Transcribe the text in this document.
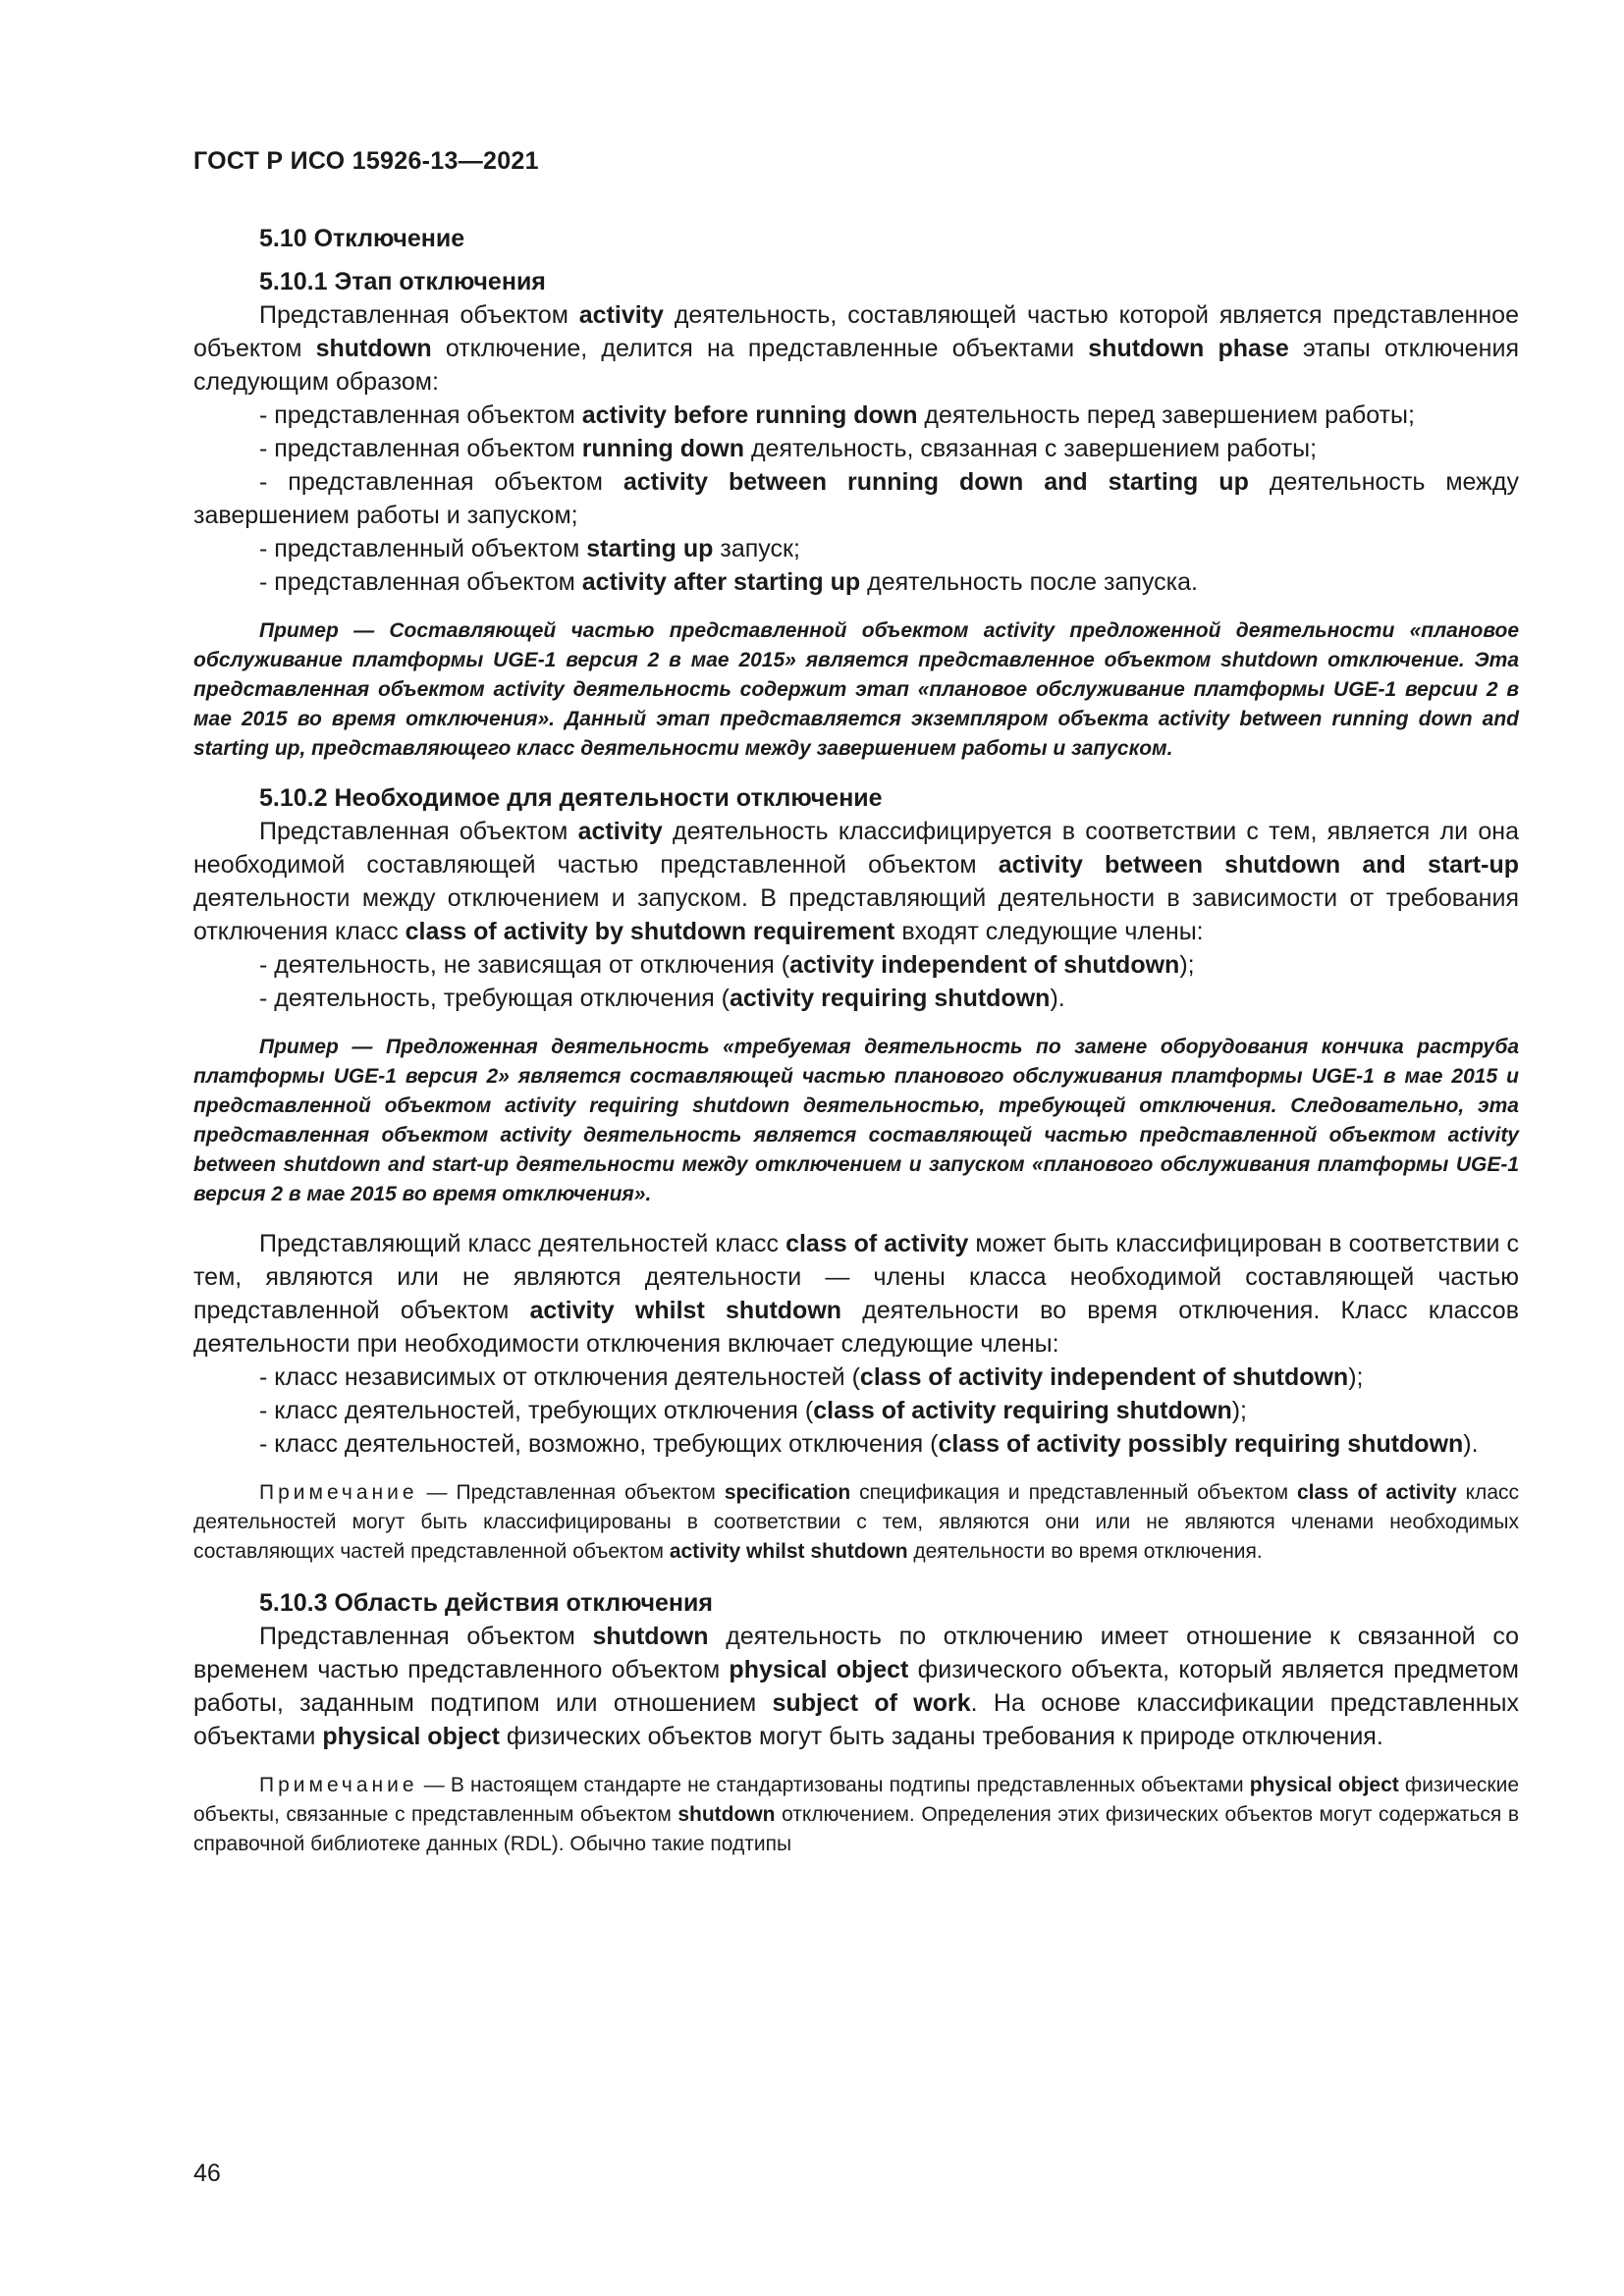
ГОСТ Р ИСО 15926-13—2021
5.10 Отключение
5.10.1 Этап отключения

Представленная объектом activity деятельность, составляющей частью которой является представленное объектом shutdown отключение, делится на представленные объектами shutdown phase этапы отключения следующим образом:

- представленная объектом activity before running down деятельность перед завершением работы;

- представленная объектом running down деятельность, связанная с завершением работы;

- представленная объектом activity between running down and starting up деятельность между завершением работы и запуском;

- представленный объектом starting up запуск;

- представленная объектом activity after starting up деятельность после запуска.

Пример — Составляющей частью представленной объектом activity предложенной деятельности «плановое обслуживание платформы UGE-1 версия 2 в мае 2015» является представленное объектом shutdown отключение. Эта представленная объектом activity деятельность содержит этап «плановое обслуживание платформы UGE-1 версии 2 в мае 2015 во время отключения». Данный этап представляется экземпляром объекта activity between running down and starting up, представляющего класс деятельности между завершением работы и запуском.

5.10.2 Необходимое для деятельности отключение

Представленная объектом activity деятельность классифицируется в соответствии с тем, является ли она необходимой составляющей частью представленной объектом activity between shutdown and start-up деятельности между отключением и запуском. В представляющий деятельности в зависимости от требования отключения класс class of activity by shutdown requirement входят следующие члены:

- деятельность, не зависящая от отключения (activity independent of shutdown);

- деятельность, требующая отключения (activity requiring shutdown).

Пример — Предложенная деятельность «требуемая деятельность по замене оборудования кончика раструба платформы UGE-1 версия 2» является составляющей частью планового обслуживания платформы UGE-1 в мае 2015 и представленной объектом activity requiring shutdown деятельностью, требующей отключения. Следовательно, эта представленная объектом activity деятельность является составляющей частью представленной объектом activity between shutdown and start-up деятельности между отключением и запуском «планового обслуживания платформы UGE-1 версия 2 в мае 2015 во время отключения».

Представляющий класс деятельностей класс class of activity может быть классифицирован в соответствии с тем, являются или не являются деятельности — члены класса необходимой составляющей частью представленной объектом activity whilst shutdown деятельности во время отключения. Класс классов деятельности при необходимости отключения включает следующие члены:

- класс независимых от отключения деятельностей (class of activity independent of shutdown);

- класс деятельностей, требующих отключения (class of activity requiring shutdown);

- класс деятельностей, возможно, требующих отключения (class of activity possibly requiring shutdown).

Примечание — Представленная объектом specification спецификация и представленный объектом class of activity класс деятельностей могут быть классифицированы в соответствии с тем, являются они или не являются членами необходимых составляющих частей представленной объектом activity whilst shutdown деятельности во время отключения.

5.10.3 Область действия отключения

Представленная объектом shutdown деятельность по отключению имеет отношение к связанной со временем частью представленного объектом physical object физического объекта, который является предметом работы, заданным подтипом или отношением subject of work. На основе классификации представленных объектами physical object физических объектов могут быть заданы требования к природе отключения.

Примечание — В настоящем стандарте не стандартизованы подтипы представленных объектами physical object физические объекты, связанные с представленным объектом shutdown отключением. Определения этих физических объектов могут содержаться в справочной библиотеке данных (RDL). Обычно такие подтипы

46
